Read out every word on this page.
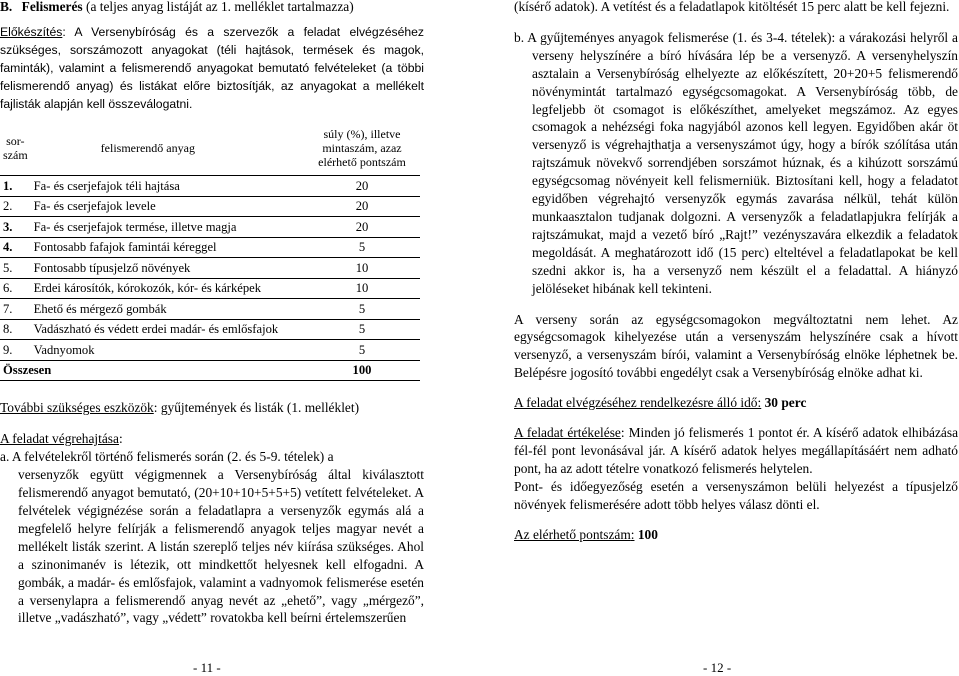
B. Felismerés (a teljes anyag listáját az 1. melléklet tartalmazza)

Előkészítés: A Versenybíróság és a szervezők a feladat elvégzéséhez szükséges, sorszámozott anyagokat (téli hajtások, termések és magok, faminták), valamint a felismerendő anyagokat bemutató felvételeket (a többi felismerendő anyag) és listákat előre biztosítják, az anyagokat a mellékelt fajlisták alapján kell összeválogatni.

sor-szám	felismerendő anyag	súly (%), illetve mintaszám, azaz elérhető pontszám
1.	Fa- és cserjefajok téli hajtása	20
2.	Fa- és cserjefajok levele	20
3.	Fa- és cserjefajok termése, illetve magja	20
4.	Fontosabb fafajok famintái kéreggel	5
5.	Fontosabb típusjelző növények	10
6.	Erdei károsítók, kórokozók, kór- és kárképek	10
7.	Ehető és mérgező gombák	5
8.	Vadászható és védett erdei madár- és emlősfajok	5
9.	Vadnyomok	5
Összesen		100

További szükséges eszközök: gyűjtemények és listák (1. melléklet)

A feladat végrehajtása:

a. A felvételekről történő felismerés során (2. és 5-9. tételek) a

versenyzők együtt végigmennek a Versenybíróság által kiválasztott felismerendő anyagot bemutató, (20+10+10+5+5+5) vetített felvételeket. A felvételek végignézése során a feladatlapra a versenyzők egymás alá a megfelelő helyre felírják a felismerendő anyagok teljes magyar nevét a mellékelt listák szerint. A listán szereplő teljes név kiírása szükséges. Ahol a szinonimanév is létezik, ott mindkettőt helyesnek kell elfogadni. A gombák, a madár- és emlősfajok, valamint a vadnyomok felismerése esetén a versenylapra a felismerendő anyag nevét az „ehető”, vagy „mérgező”, illetve „vadászható”, vagy „védett” rovatokba kell beírni értelemszerűen

- 11 -

(kísérő adatok). A vetítést és a feladatlapok kitöltését 15 perc alatt be kell fejezni.

b. A gyűjteményes anyagok felismerése (1. és 3-4. tételek): a várakozási helyről a verseny helyszínére a bíró hívására lép be a versenyző. A versenyhelyszín asztalain a Versenybíróság elhelyezte az előkészített, 20+20+5 felismerendő növénymintát tartalmazó egységcsomagokat. A Versenybíróság több, de legfeljebb öt csomagot is előkészíthet, amelyeket megszámoz. Az egyes csomagok a nehézségi foka nagyjából azonos kell legyen. Egyidőben akár öt versenyző is végrehajthatja a versenyszámot úgy, hogy a bírók szólítása után rajtszámuk növekvő sorrendjében sorszámot húznak, és a kihúzott sorszámú egységcsomag növényeit kell felismerniük. Biztosítani kell, hogy a feladatot egyidőben végrehajtó versenyzők egymás zavarása nélkül, tehát külön munkaasztalon tudjanak dolgozni. A versenyzők a feladatlapjukra felírják a rajtszámukat, majd a vezető bíró „Rajt!” vezényszavára elkezdik a feladatok megoldását. A meghatározott idő (15 perc) elteltével a feladatlapokat be kell szedni akkor is, ha a versenyző nem készült el a feladattal. A hiányzó jelöléseket hibának kell tekinteni.

A verseny során az egységcsomagokon megváltoztatni nem lehet. Az egységcsomagok kihelyezése után a versenyszám helyszínére csak a hívott versenyző, a versenyszám bírói, valamint a Versenybíróság elnöke léphetnek be. Belépésre jogosító további engedélyt csak a Versenybíróság elnöke adhat ki.

A feladat elvégzéséhez rendelkezésre álló idő: 30 perc

A feladat értékelése: Minden jó felismerés 1 pontot ér. A kísérő adatok elhibázása fél-fél pont levonásával jár. A kísérő adatok helyes megállapításáért nem adható pont, ha az adott tételre vonatkozó felismerés helytelen.

Pont- és időegyezőség esetén a versenyszámon belüli helyezést a típusjelző növények felismerésére adott több helyes válasz dönti el.

Az elérhető pontszám: 100

- 12 -
